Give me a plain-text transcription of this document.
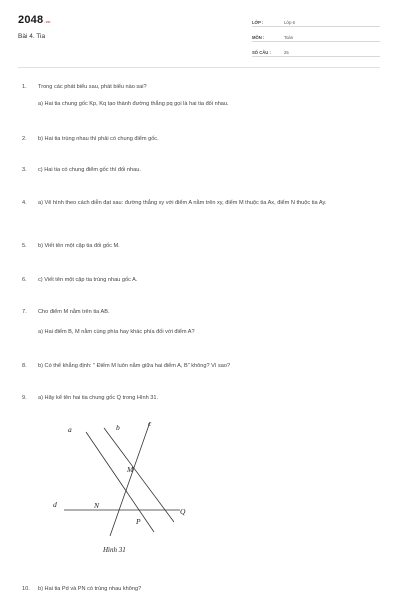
2048.vn
Bài 4. Tia
LỚP :	Lớp 6
MÔN :	Toán
SỐ CÂU :	25
1.	Trong các phát biểu sau, phát biểu nào sai?
a) Hai tia chung gốc Kp, Kq tạo thành đường thẳng pq gọi là hai tia đối nhau.
2.	b) Hai tia trùng nhau thì phải có chung điểm gốc.
3.	c) Hai tia có chung điểm gốc thì đối nhau.
4.	a) Vẽ hình theo cách diễn đạt sau: đường thẳng xy với điểm A nằm trên xy, điểm M thuộc tia Ax, điểm N thuộc tia Ay.
5.	b) Viết tên một cặp tia đối gốc M.
6.	c) Viết tên một cặp tia trùng nhau gốc A.
7.	Cho điểm M nằm trên tia AB.
a) Hai điểm B, M nằm cùng phía hay khác phía đối với điểm A?
8.	b) Có thể khẳng định: " Điểm M luôn nằm giữa hai điểm A, B" không? Vì sao?
9.	a) Hãy kể tên hai tia chung gốc Q trong Hình 31.
a	b	c
d
M
N
P
Q
Hình 31
10.	b) Hai tia Pd và PN có trùng nhau không?
